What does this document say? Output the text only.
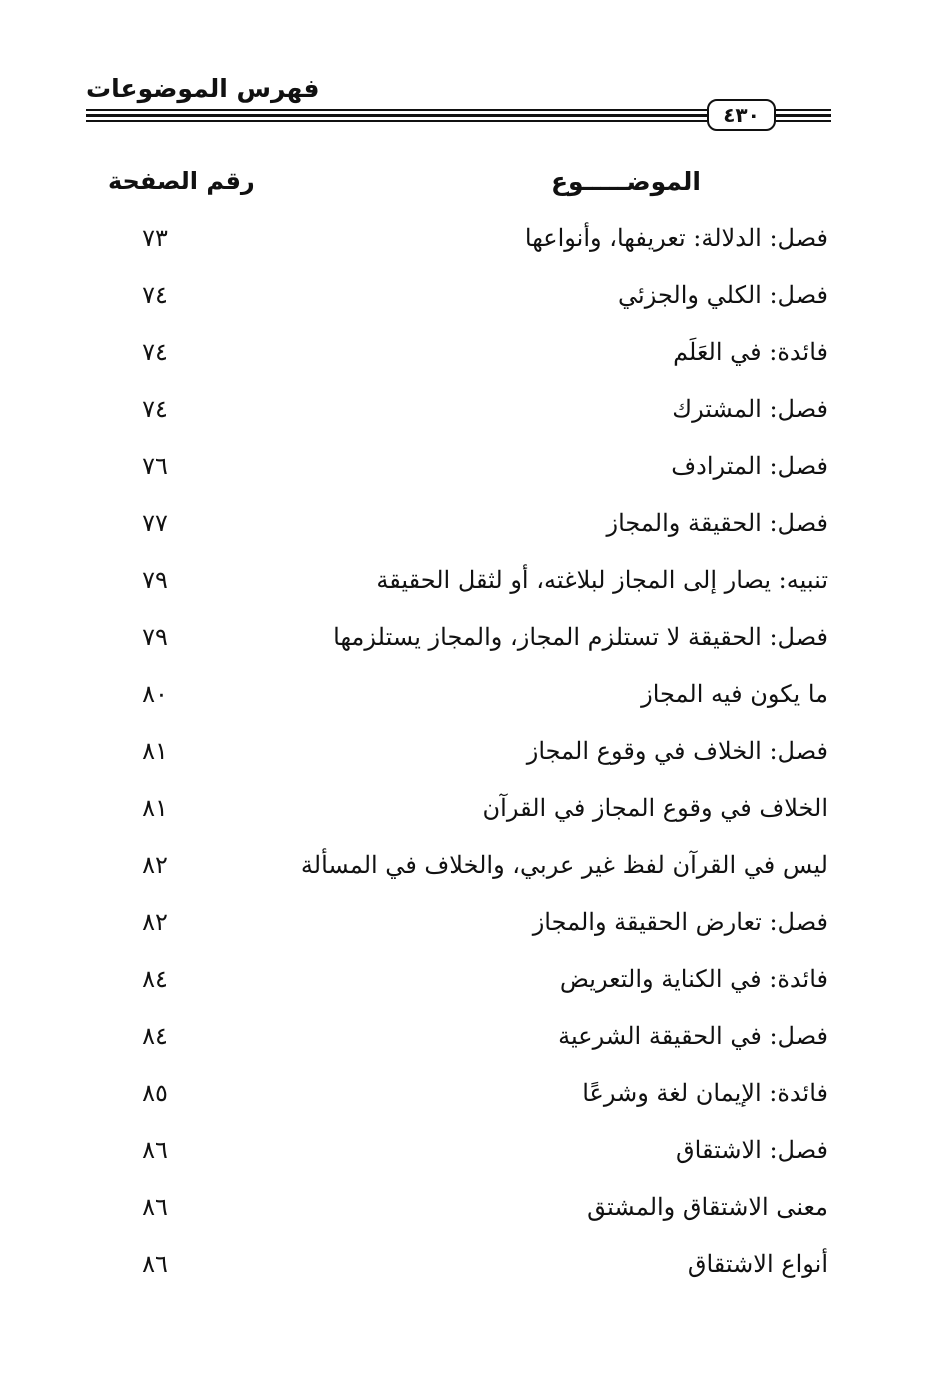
فهرس الموضوعات
٤٣٠
الموضـــــوع
رقم الصفحة
فصل: الدلالة: تعريفها، وأنواعها
٧٣
فصل: الكلي والجزئي
٧٤
فائدة: في العَلَم
٧٤
فصل: المشترك
٧٤
فصل: المترادف
٧٦
فصل: الحقيقة والمجاز
٧٧
تنبيه: يصار إلى المجاز لبلاغته، أو لثقل الحقيقة
٧٩
فصل: الحقيقة لا تستلزم المجاز، والمجاز يستلزمها
٧٩
ما يكون فيه المجاز
٨٠
فصل: الخلاف في وقوع المجاز
٨١
الخلاف في وقوع المجاز في القرآن
٨١
ليس في القرآن لفظ غير عربي، والخلاف في المسألة
٨٢
فصل: تعارض الحقيقة والمجاز
٨٢
فائدة: في الكناية والتعريض
٨٤
فصل: في الحقيقة الشرعية
٨٤
فائدة: الإيمان لغة وشرعًا
٨٥
فصل: الاشتقاق
٨٦
معنى الاشتقاق والمشتق
٨٦
أنواع الاشتقاق
٨٦
